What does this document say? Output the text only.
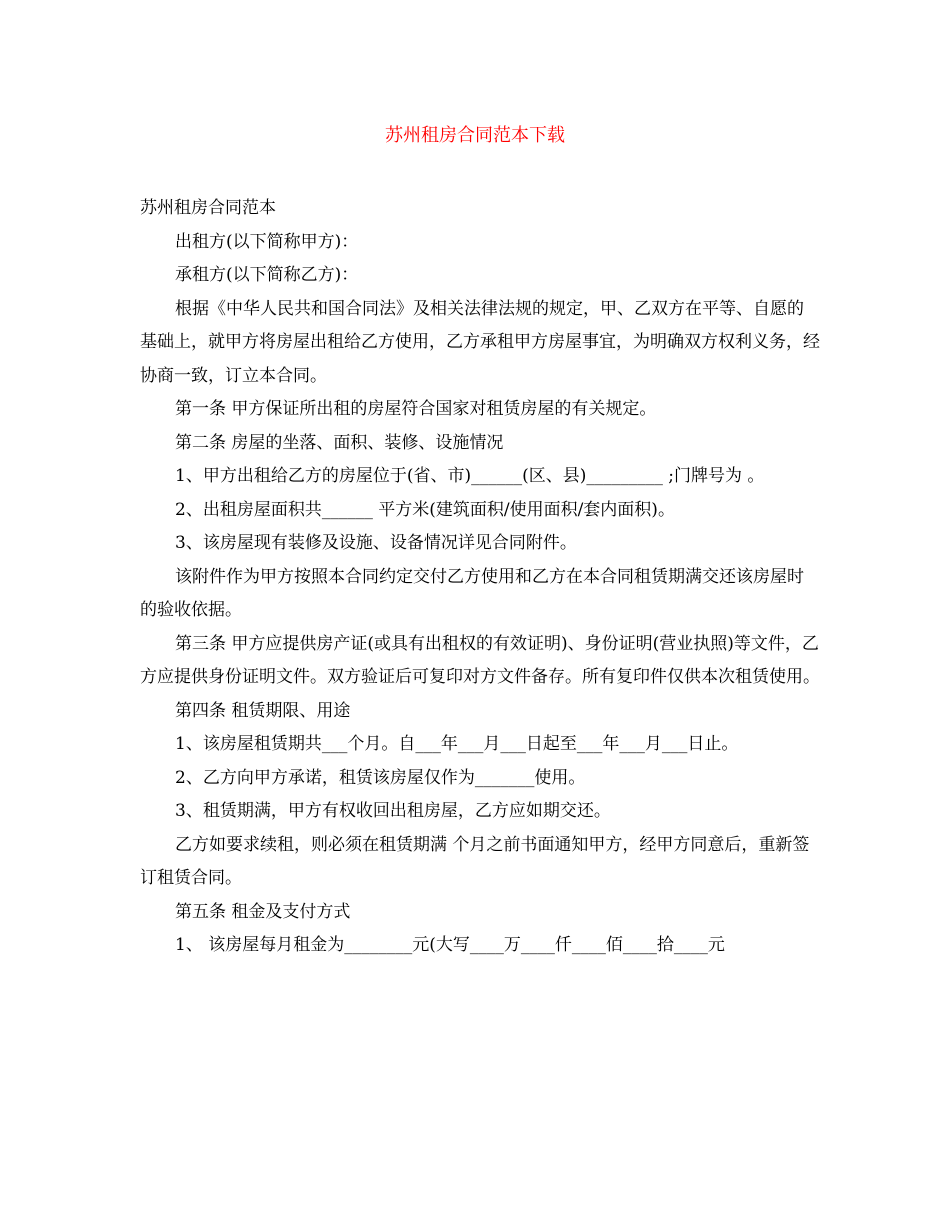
苏州租房合同范本下载

苏州租房合同范本

出租方(以下简称甲方)：

承租方(以下简称乙方)：

根据《中华人民共和国合同法》及相关法律法规的规定，甲、乙双方在平等、自愿的基础上，就甲方将房屋出租给乙方使用，乙方承租甲方房屋事宜，为明确双方权利义务，经协商一致，订立本合同。

第一条 甲方保证所出租的房屋符合国家对租赁房屋的有关规定。

第二条 房屋的坐落、面积、装修、设施情况

1、甲方出租给乙方的房屋位于(省、市)______(区、县)_________ ;门牌号为 。

2、出租房屋面积共______ 平方米(建筑面积/使用面积/套内面积)。

3、该房屋现有装修及设施、设备情况详见合同附件。

该附件作为甲方按照本合同约定交付乙方使用和乙方在本合同租赁期满交还该房屋时的验收依据。

第三条 甲方应提供房产证(或具有出租权的有效证明)、身份证明(营业执照)等文件，乙方应提供身份证明文件。双方验证后可复印对方文件备存。所有复印件仅供本次租赁使用。

第四条 租赁期限、用途

1、该房屋租赁期共___个月。自___年___月___日起至___年___月___日止。

2、乙方向甲方承诺，租赁该房屋仅作为_______使用。

3、租赁期满，甲方有权收回出租房屋，乙方应如期交还。

乙方如要求续租，则必须在租赁期满 个月之前书面通知甲方，经甲方同意后，重新签订租赁合同。

第五条 租金及支付方式

1、 该房屋每月租金为________元(大写____万____仟____佰____拾____元
